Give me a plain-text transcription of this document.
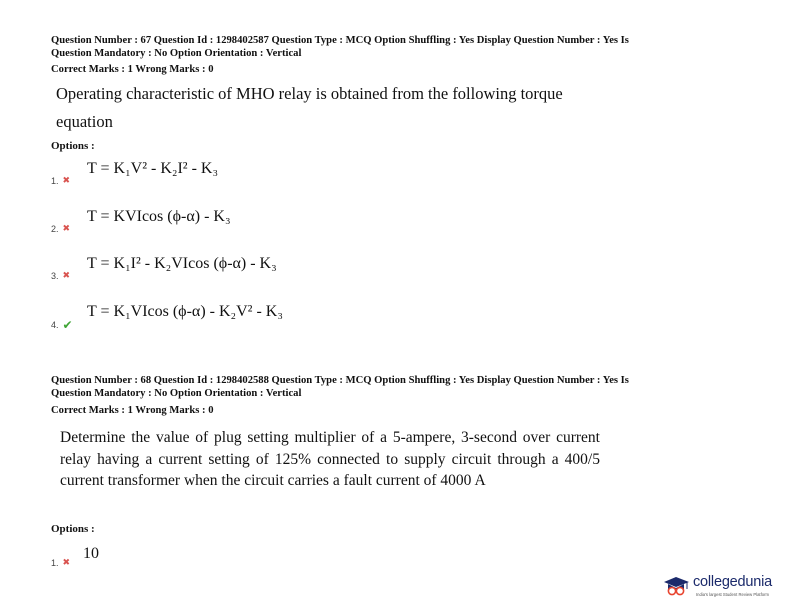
Question Number : 67 Question Id : 1298402587 Question Type : MCQ Option Shuffling : Yes Display Question Number : Yes Is
Question Mandatory : No Option Orientation : Vertical
Correct Marks : 1 Wrong Marks : 0
Operating characteristic of MHO relay is obtained from the following torque
equation
Options :
T = K₁V² - K₂I² - K₃
1. ✖
T = KVIcos (ϕ-α) - K₃
2. ✖
T = K₁I² - K₂VIcos (ϕ-α) - K₃
3. ✖
T = K₁VIcos (ϕ-α) - K₂V² - K₃
4. ✔
Question Number : 68 Question Id : 1298402588 Question Type : MCQ Option Shuffling : Yes Display Question Number : Yes Is
Question Mandatory : No Option Orientation : Vertical
Correct Marks : 1 Wrong Marks : 0
Determine the value of plug setting multiplier of a 5-ampere, 3-second over current relay having a current setting of 125% connected to supply circuit through a 400/5 current transformer when the circuit carries a fault current of 4000 A
Options :
10
1. ✖
collegedunia
India's largest Student Review Platform
